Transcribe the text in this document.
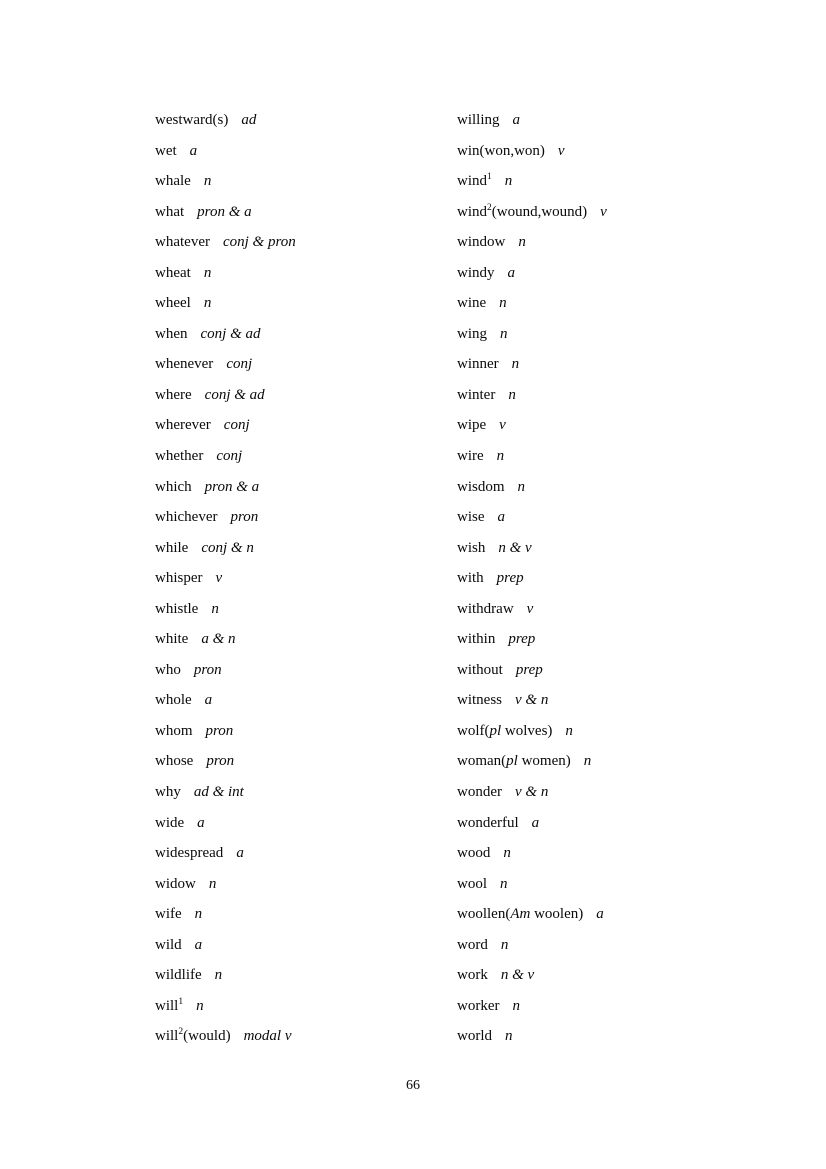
westward(s) ad
wet a
whale n
what pron & a
whatever conj & pron
wheat n
wheel n
when conj & ad
whenever conj
where conj & ad
wherever conj
whether conj
which pron & a
whichever pron
while conj & n
whisper v
whistle n
white a & n
who pron
whole a
whom pron
whose pron
why ad & int
wide a
widespread a
widow n
wife n
wild a
wildlife n
will$^1$ n
will$^2$(would) modal v
willing a
win(won,won) v
wind$^1$ n
wind$^2$(wound,wound) v
window n
windy a
wine n
wing n
winner n
winter n
wipe v
wire n
wisdom n
wise a
wish n & v
with prep
withdraw v
within prep
without prep
witness v & n
wolf(pl wolves) n
woman(pl women) n
wonder v & n
wonderful a
wood n
wool n
woollen(Am woolen) a
word n
work n & v
worker n
world n
66
